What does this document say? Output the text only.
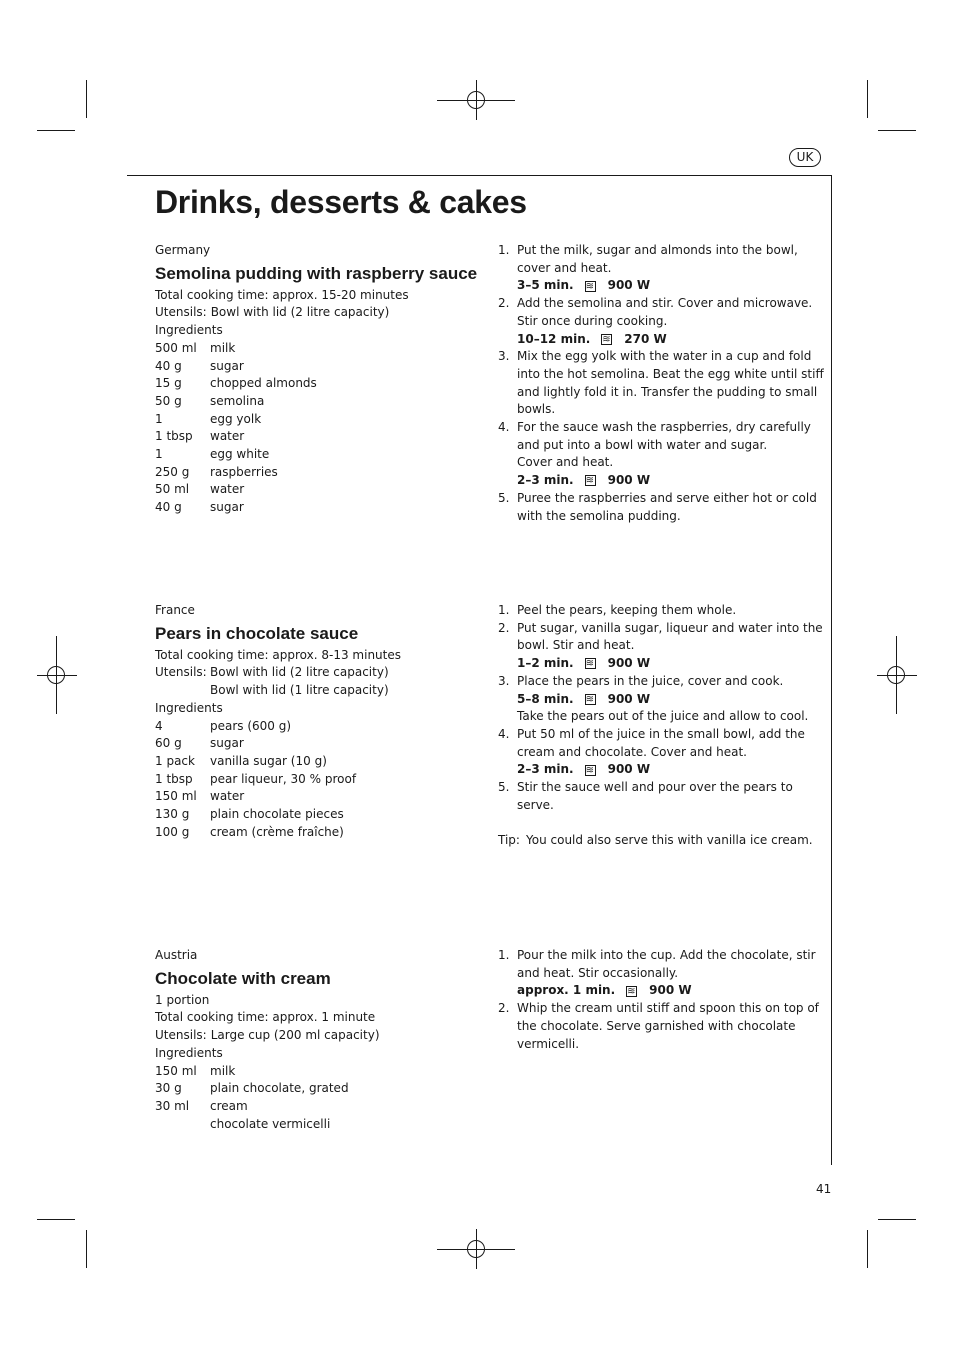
UK
Drinks, desserts & cakes
Germany
Semolina pudding with raspberry sauce
Total cooking time: approx. 15-20 minutes
Utensils: Bowl with lid (2 litre capacity)
Ingredients
500 ml	milk
40 g	sugar
15 g	chopped almonds
50 g	semolina
1	egg yolk
1 tbsp	water
1	egg white
250 g	raspberries
50 ml	water
40 g	sugar
1. Put the milk, sugar and almonds into the bowl, cover and heat.
3–5 min. ≋	900 W
2. Add the semolina and stir. Cover and microwave. Stir once during cooking.
10–12 min. ≋	270 W
3. Mix the egg yolk with the water in a cup and fold into the hot semolina. Beat the egg white until stiff and lightly fold it in. Transfer the pudding to small bowls.
4. For the sauce wash the raspberries, dry carefully and put into a bowl with water and sugar.
Cover and heat.
2–3 min. ≋	900 W
5. Puree the raspberries and serve either hot or cold with the semolina pudding.
France
Pears in chocolate sauce
Total cooking time: approx. 8-13 minutes
Utensils: Bowl with lid (2 litre capacity)
Bowl with lid (1 litre capacity)
Ingredients
4	pears (600 g)
60 g	sugar
1 pack	vanilla sugar (10 g)
1 tbsp	pear liqueur, 30 % proof
150 ml	water
130 g	plain chocolate pieces
100 g	cream (crème fraîche)
1. Peel the pears, keeping them whole.
2. Put sugar, vanilla sugar, liqueur and water into the bowl. Stir and heat.
1–2 min. ≋	900 W
3. Place the pears in the juice, cover and cook.
5–8 min. ≋	900 W
Take the pears out of the juice and allow to cool.
4. Put 50 ml of the juice in the small bowl, add the cream and chocolate. Cover and heat.
2–3 min. ≋	900 W
5. Stir the sauce well and pour over the pears to serve.
Tip: You could also serve this with vanilla ice cream.
Austria
Chocolate with cream
1 portion
Total cooking time: approx. 1 minute
Utensils: Large cup (200 ml capacity)
Ingredients
150 ml	milk
30 g	plain chocolate, grated
30 ml	cream
chocolate vermicelli
1. Pour the milk into the cup. Add the chocolate, stir and heat. Stir occasionally.
approx. 1 min. ≋	900 W
2. Whip the cream until stiff and spoon this on top of the chocolate. Serve garnished with chocolate vermicelli.
41
